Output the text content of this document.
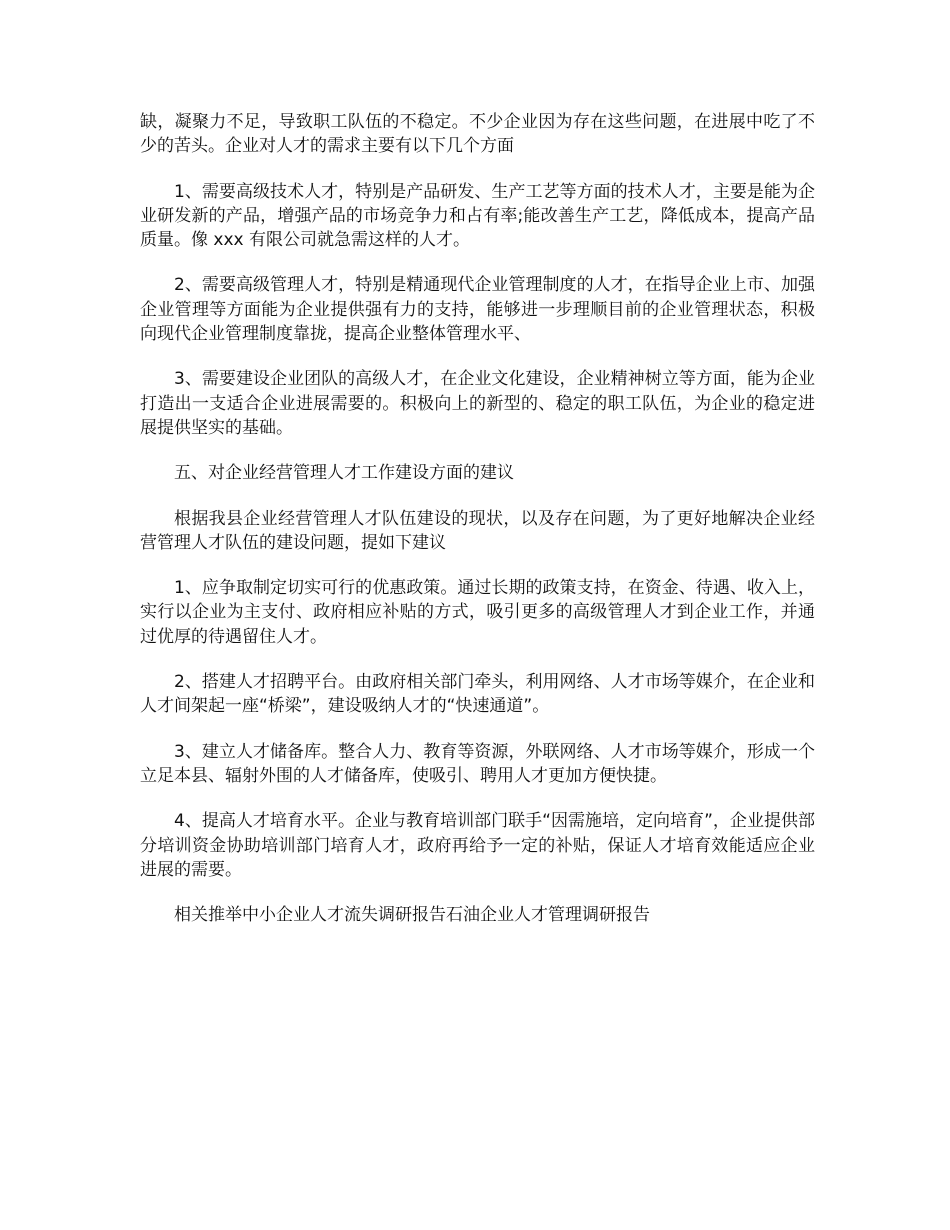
缺，凝聚力不足，导致职工队伍的不稳定。不少企业因为存在这些问题，在进展中吃了不少的苦头。企业对人才的需求主要有以下几个方面

1、需要高级技术人才，特别是产品研发、生产工艺等方面的技术人才，主要是能为企业研发新的产品，增强产品的市场竞争力和占有率;能改善生产工艺，降低成本，提高产品质量。像 xxx 有限公司就急需这样的人才。

2、需要高级管理人才，特别是精通现代企业管理制度的人才，在指导企业上市、加强企业管理等方面能为企业提供强有力的支持，能够进一步理顺目前的企业管理状态，积极向现代企业管理制度靠拢，提高企业整体管理水平、

3、需要建设企业团队的高级人才，在企业文化建设，企业精神树立等方面，能为企业打造出一支适合企业进展需要的。积极向上的新型的、稳定的职工队伍，为企业的稳定进展提供坚实的基础。

五、对企业经营管理人才工作建设方面的建议

根据我县企业经营管理人才队伍建设的现状，以及存在问题，为了更好地解决企业经营管理人才队伍的建设问题，提如下建议

1、应争取制定切实可行的优惠政策。通过长期的政策支持，在资金、待遇、收入上，实行以企业为主支付、政府相应补贴的方式，吸引更多的高级管理人才到企业工作，并通过优厚的待遇留住人才。

2、搭建人才招聘平台。由政府相关部门牵头，利用网络、人才市场等媒介，在企业和人才间架起一座“桥梁”，建设吸纳人才的“快速通道”。

3、建立人才储备库。整合人力、教育等资源，外联网络、人才市场等媒介，形成一个立足本县、辐射外围的人才储备库，使吸引、聘用人才更加方便快捷。

4、提高人才培育水平。企业与教育培训部门联手“因需施培，定向培育”，企业提供部分培训资金协助培训部门培育人才，政府再给予一定的补贴，保证人才培育效能适应企业进展的需要。

相关推举中小企业人才流失调研报告石油企业人才管理调研报告
